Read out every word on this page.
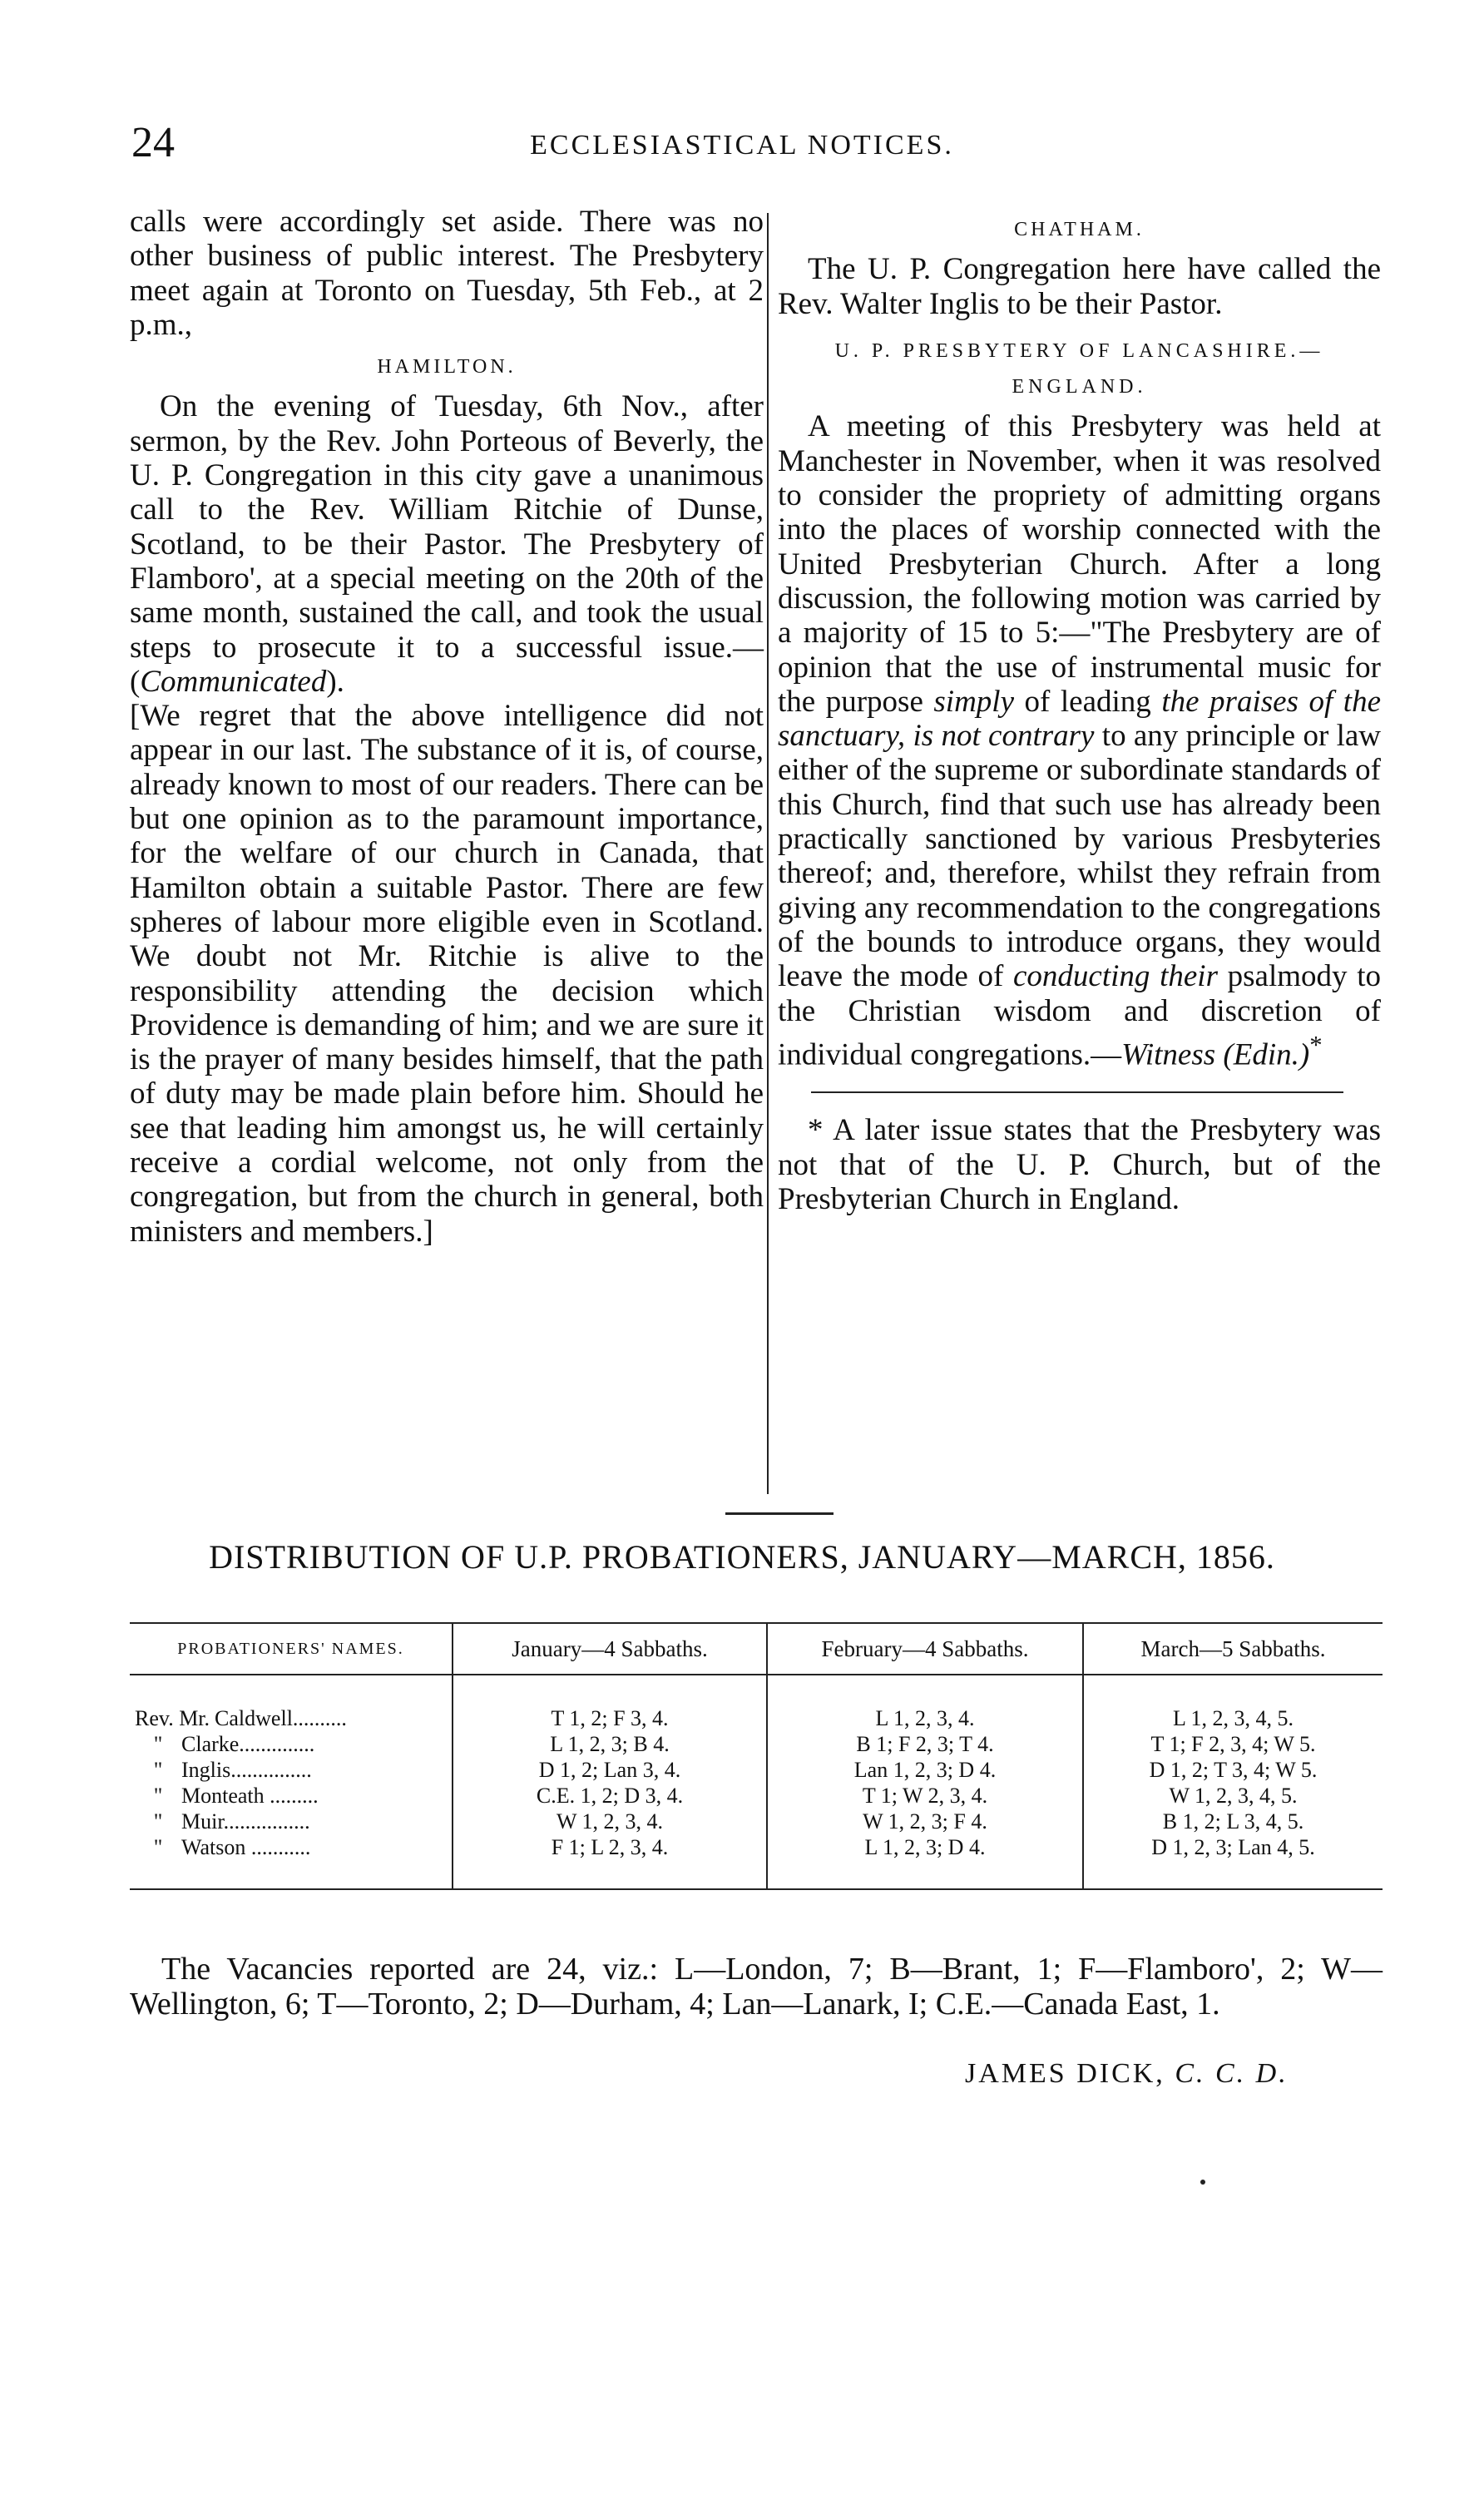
24	ECCLESIASTICAL NOTICES.

calls were accordingly set aside. There was no other business of public interest. The Presbytery meet again at Toronto on Tuesday, 5th Feb., at 2 p.m.,

HAMILTON.

On the evening of Tuesday, 6th Nov., after sermon, by the Rev. John Porteous of Beverly, the U. P. Congregation in this city gave a unanimous call to the Rev. William Ritchie of Dunse, Scotland, to be their Pastor. The Presbytery of Flamboro', at a special meeting on the 20th of the same month, sustained the call, and took the usual steps to prosecute it to a successful issue.—(Communicated).

[We regret that the above intelligence did not appear in our last. The substance of it is, of course, already known to most of our readers. There can be but one opinion as to the paramount importance, for the welfare of our church in Canada, that Hamilton obtain a suitable Pastor. There are few spheres of labour more eligible even in Scotland. We doubt not Mr. Ritchie is alive to the responsibility attending the decision which Providence is demanding of him; and we are sure it is the prayer of many besides himself, that the path of duty may be made plain before him. Should he see that leading him amongst us, he will certainly receive a cordial welcome, not only from the congregation, but from the church in general, both ministers and members.]

CHATHAM.

The U. P. Congregation here have called the Rev. Walter Inglis to be their Pastor.

U. P. PRESBYTERY OF LANCASHIRE.—
ENGLAND.

A meeting of this Presbytery was held at Manchester in November, when it was resolved to consider the propriety of admitting organs into the places of worship connected with the United Presbyterian Church. After a long discussion, the following motion was carried by a majority of 15 to 5:—"The Presbytery are of opinion that the use of instrumental music for the purpose simply of leading the praises of the sanctuary, is not contrary to any principle or law either of the supreme or subordinate standards of this Church, find that such use has already been practically sanctioned by various Presbyteries thereof; and, therefore, whilst they refrain from giving any recommendation to the congregations of the bounds to introduce organs, they would leave the mode of conducting their psalmody to the Christian wisdom and discretion of individual congregations.—Witness (Edin.)*

* A later issue states that the Presbytery was not that of the U. P. Church, but of the Presbyterian Church in England.

DISTRIBUTION OF U.P. PROBATIONERS, JANUARY—MARCH, 1856.
PROBATIONERS' NAMES.	January—4 Sabbaths.	February—4 Sabbaths.	March—5 Sabbaths.

Rev. Mr. Caldwell..........	T 1, 2; F 3, 4.	L 1, 2, 3, 4.	L 1, 2, 3, 4, 5.
" Clarke..............	L 1, 2, 3; B 4.	B 1; F 2, 3; T 4.	T 1; F 2, 3, 4; W 5.
" Inglis...............	D 1, 2; Lan 3, 4.	Lan 1, 2, 3; D 4.	D 1, 2; T 3, 4; W 5.
" Monteath .........	C.E. 1, 2; D 3, 4.	T 1; W 2, 3, 4.	W 1, 2, 3, 4, 5.
" Muir................	W 1, 2, 3, 4.	W 1, 2, 3; F 4.	B 1, 2; L 3, 4, 5.
" Watson ...........	F 1; L 2, 3, 4.	L 1, 2, 3; D 4.	D 1, 2, 3; Lan 4, 5.

The Vacancies reported are 24, viz.: L—London, 7; B—Brant, 1; F—Flamboro', 2; W—Wellington, 6; T—Toronto, 2; D—Durham, 4; Lan—Lanark, I; C.E.—Canada East, 1.

JAMES DICK, C. C. D.
